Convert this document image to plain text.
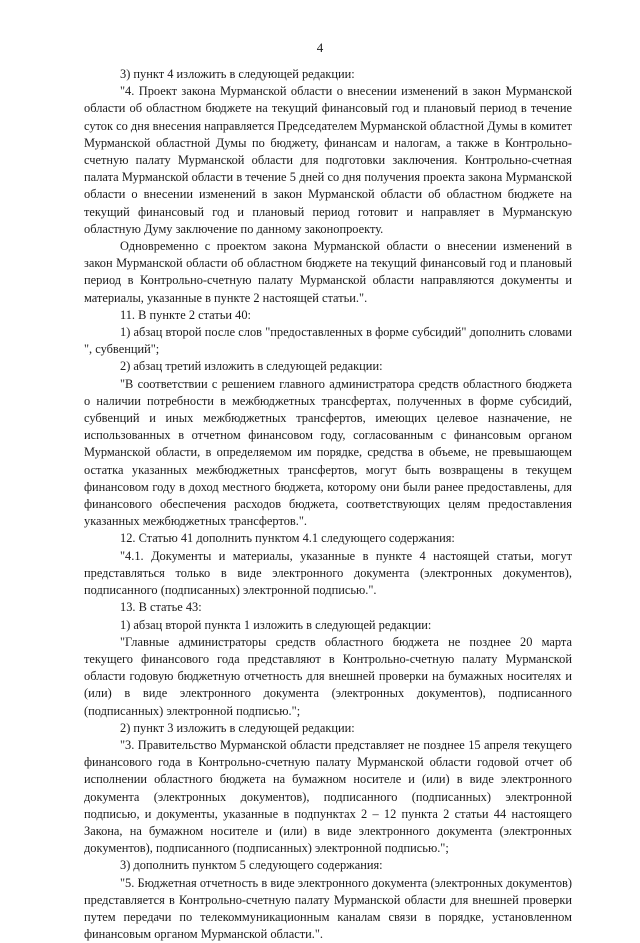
4

3) пункт 4 изложить в следующей редакции:

"4. Проект закона Мурманской области о внесении изменений в закон Мурманской области об областном бюджете на текущий финансовый год и плановый период в течение суток со дня внесения направляется Председателем Мурманской областной Думы в комитет Мурманской областной Думы по бюджету, финансам и налогам, а также в Контрольно-счетную палату Мурманской области для подготовки заключения. Контрольно-счетная палата Мурманской области в течение 5 дней со дня получения проекта закона Мурманской области о внесении изменений в закон Мурманской области об областном бюджете на текущий финансовый год и плановый период готовит и направляет в Мурманскую областную Думу заключение по данному законопроекту.

Одновременно с проектом закона Мурманской области о внесении изменений в закон Мурманской области об областном бюджете на текущий финансовый год и плановый период в Контрольно-счетную палату Мурманской области направляются документы и материалы, указанные в пункте 2 настоящей статьи.".

11. В пункте 2 статьи 40:

1) абзац второй после слов "предоставленных в форме субсидий" дополнить словами ", субвенций";

2) абзац третий изложить в следующей редакции:

"В соответствии с решением главного администратора средств областного бюджета о наличии потребности в межбюджетных трансфертах, полученных в форме субсидий, субвенций и иных межбюджетных трансфертов, имеющих целевое назначение, не использованных в отчетном финансовом году, согласованным с финансовым органом Мурманской области, в определяемом им порядке, средства в объеме, не превышающем остатка указанных межбюджетных трансфертов, могут быть возвращены в текущем финансовом году в доход местного бюджета, которому они были ранее предоставлены, для финансового обеспечения расходов бюджета, соответствующих целям предоставления указанных межбюджетных трансфертов.".

12. Статью 41 дополнить пунктом 4.1 следующего содержания:

"4.1. Документы и материалы, указанные в пункте 4 настоящей статьи, могут представляться только в виде электронного документа (электронных документов), подписанного (подписанных) электронной подписью.".

13. В статье 43:

1) абзац второй пункта 1 изложить в следующей редакции:

"Главные администраторы средств областного бюджета не позднее 20 марта текущего финансового года представляют в Контрольно-счетную палату Мурманской области годовую бюджетную отчетность для внешней проверки на бумажных носителях и (или) в виде электронного документа (электронных документов), подписанного (подписанных) электронной подписью.";

2) пункт 3 изложить в следующей редакции:

"3. Правительство Мурманской области представляет не позднее 15 апреля текущего финансового года в Контрольно-счетную палату Мурманской области годовой отчет об исполнении областного бюджета на бумажном носителе и (или) в виде электронного документа (электронных документов), подписанного (подписанных) электронной подписью, и документы, указанные в подпунктах 2 – 12 пункта 2 статьи 44 настоящего Закона, на бумажном носителе и (или) в виде электронного документа (электронных документов), подписанного (подписанных) электронной подписью.";

3) дополнить пунктом 5 следующего содержания:

"5. Бюджетная отчетность в виде электронного документа (электронных документов) представляется в Контрольно-счетную палату Мурманской области для внешней проверки путем передачи по телекоммуникационным каналам связи в порядке, установленном финансовым органом Мурманской области.".
